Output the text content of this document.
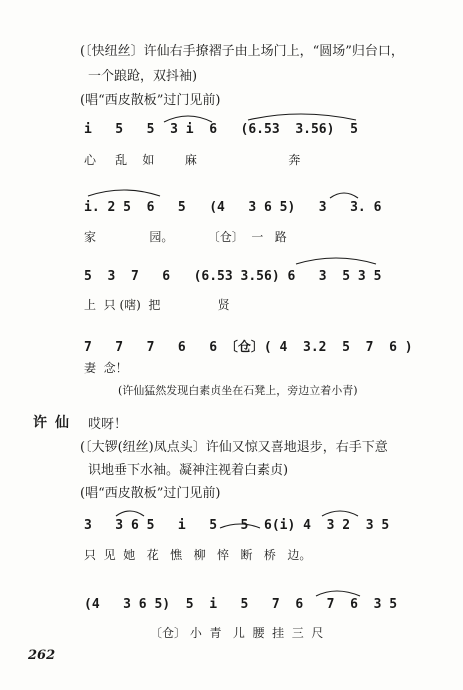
(〔快纽丝〕许仙右手撩褶子由上场门上，“圆场”归台口，
一个踉跄，双抖袖)
(唱“西皮散板”过门见前)
i   5   5  3 i  6   (6.53  3.56)  5
心     乱    如        麻                        奔
i. 2 5  6   5   (4   3 6 5)   3   3. 6
家              园。         〔仓〕  一   路
5  3  7   6   (6.53 3.56) 6   3  5 3 5
上  只 (嗐)  把               贤
7   7   7   6   6 〔仓〕( 4  3.2  5  7  6 )
妻  念！
(许仙猛然发现白素贞坐在石凳上，旁边立着小青)
许仙 哎呀！
(〔大锣(纽丝)凤点头〕许仙又惊又喜地退步，右手下意
识地垂下水袖。凝神注视着白素贞)
(唱“西皮散板”过门见前)
3   3 6 5   i   5   5  6(i) 4  3 2  3 5
只  见  她   花   憔   柳   悴   断   桥   边。
(4   3 6 5)  5  i   5   7  6   7  6  3 5
〔仓〕 小  青   儿  腰  挂  三  尺
262
